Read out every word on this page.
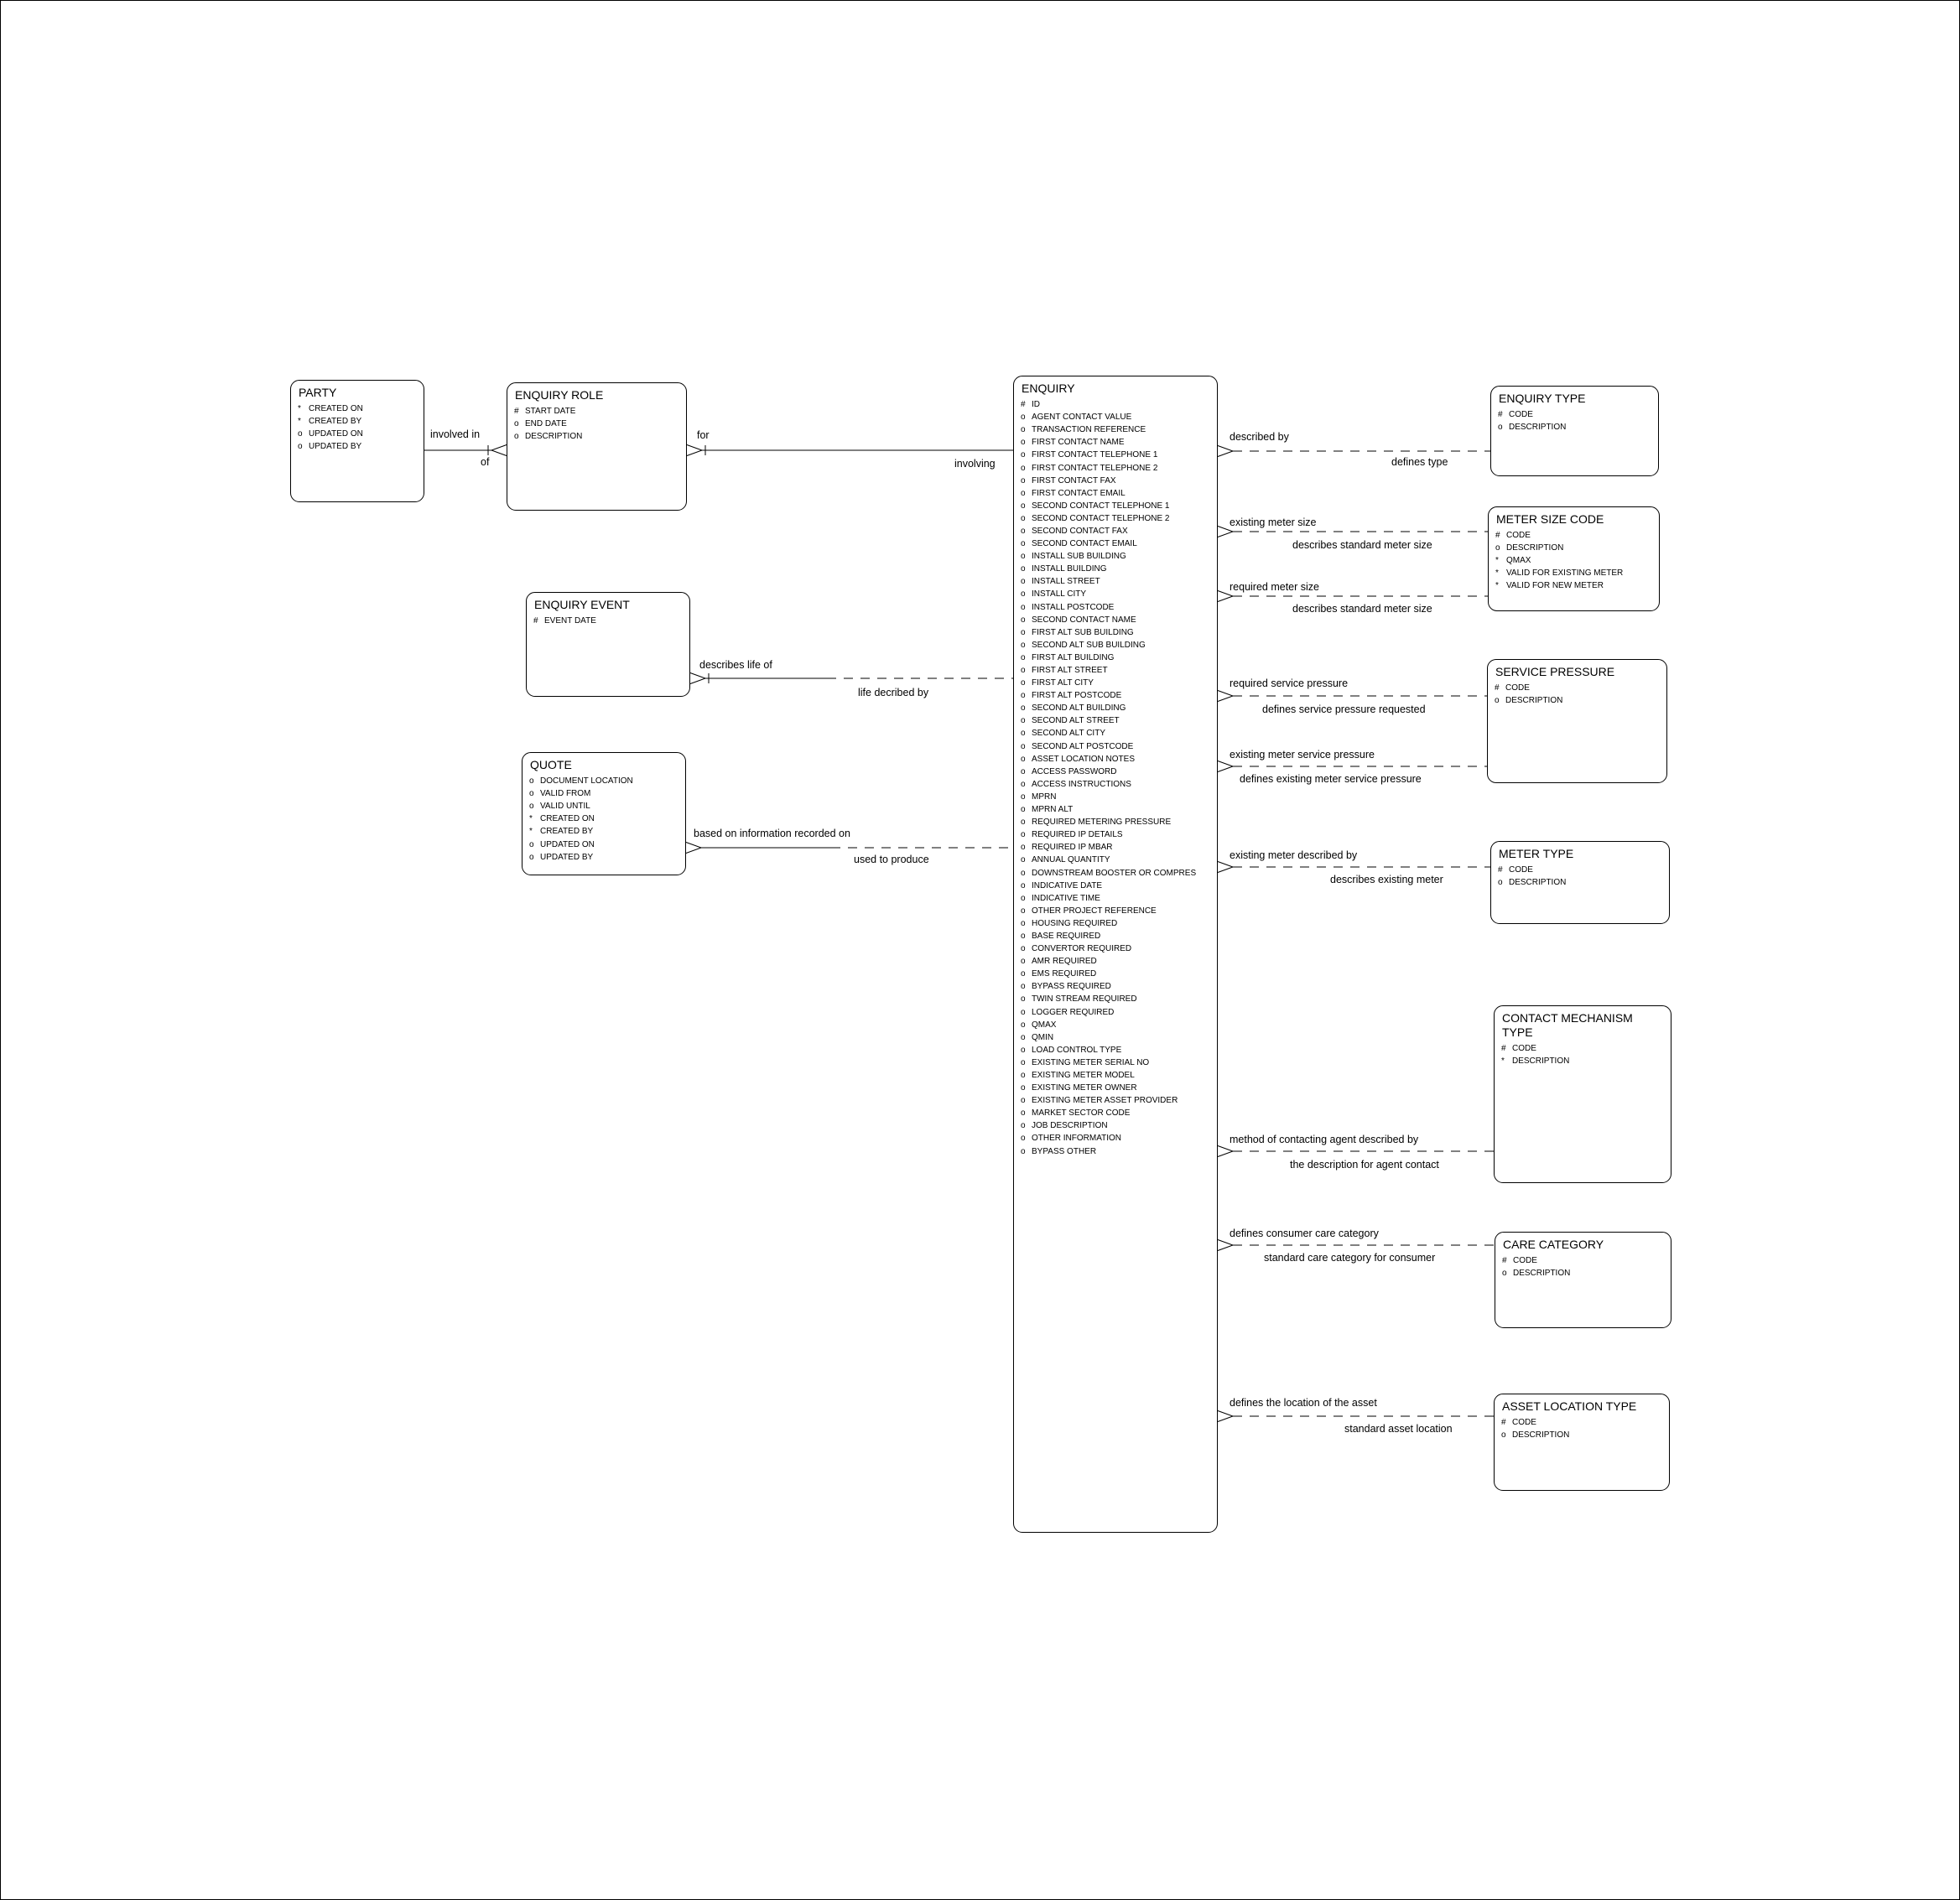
PARTY
* CREATED ON
* CREATED BY
o UPDATED ON
o UPDATED BY
ENQUIRY ROLE
# START DATE
o END DATE
o DESCRIPTION
ENQUIRY EVENT
# EVENT DATE
QUOTE
o DOCUMENT LOCATION
o VALID FROM
o VALID UNTIL
* CREATED ON
* CREATED BY
o UPDATED ON
o UPDATED BY
ENQUIRY
# ID
o AGENT CONTACT VALUE
o TRANSACTION REFERENCE
o FIRST CONTACT NAME
o FIRST CONTACT TELEPHONE 1
o FIRST CONTACT TELEPHONE 2
o FIRST CONTACT FAX
o FIRST CONTACT EMAIL
o SECOND CONTACT TELEPHONE 1
o SECOND CONTACT TELEPHONE 2
o SECOND CONTACT FAX
o SECOND CONTACT EMAIL
o INSTALL SUB BUILDING
o INSTALL BUILDING
o INSTALL STREET
o INSTALL CITY
o INSTALL POSTCODE
o SECOND CONTACT NAME
o FIRST ALT SUB BUILDING
o SECOND ALT SUB BUILDING
o FIRST ALT BUILDING
o FIRST ALT STREET
o FIRST ALT CITY
o FIRST ALT POSTCODE
o SECOND ALT BUILDING
o SECOND ALT STREET
o SECOND ALT CITY
o SECOND ALT POSTCODE
o ASSET LOCATION NOTES
o ACCESS PASSWORD
o ACCESS INSTRUCTIONS
o MPRN
o MPRN ALT
o REQUIRED METERING PRESSURE
o REQUIRED IP DETAILS
o REQUIRED IP MBAR
o ANNUAL QUANTITY
o DOWNSTREAM BOOSTER OR COMPRES
o INDICATIVE DATE
o INDICATIVE TIME
o OTHER PROJECT REFERENCE
o HOUSING REQUIRED
o BASE REQUIRED
o CONVERTOR REQUIRED
o AMR REQUIRED
o EMS REQUIRED
o BYPASS REQUIRED
o TWIN STREAM REQUIRED
o LOGGER REQUIRED
o QMAX
o QMIN
o LOAD CONTROL TYPE
o EXISTING METER SERIAL NO
o EXISTING METER MODEL
o EXISTING METER OWNER
o EXISTING METER ASSET PROVIDER
o MARKET SECTOR CODE
o JOB DESCRIPTION
o OTHER INFORMATION
o BYPASS OTHER
ENQUIRY TYPE
# CODE
o DESCRIPTION
METER SIZE CODE
# CODE
o DESCRIPTION
* QMAX
* VALID FOR EXISTING METER
* VALID FOR NEW METER
SERVICE PRESSURE
# CODE
o DESCRIPTION
METER TYPE
# CODE
o DESCRIPTION
CONTACT MECHANISM TYPE
# CODE
* DESCRIPTION
CARE CATEGORY
# CODE
o DESCRIPTION
ASSET LOCATION TYPE
# CODE
o DESCRIPTION
involved in
of
for
involving
describes life of
life decribed by
based on information recorded on
used to produce
described by
defines type
existing meter size
describes standard meter size
required meter size
describes standard meter size
required service pressure
defines service pressure requested
existing meter service pressure
defines existing meter service pressure
existing meter described by
describes existing meter
method of contacting agent described by
the description for agent contact
defines consumer care category
standard care category for consumer
defines the location of the asset
standard asset location
